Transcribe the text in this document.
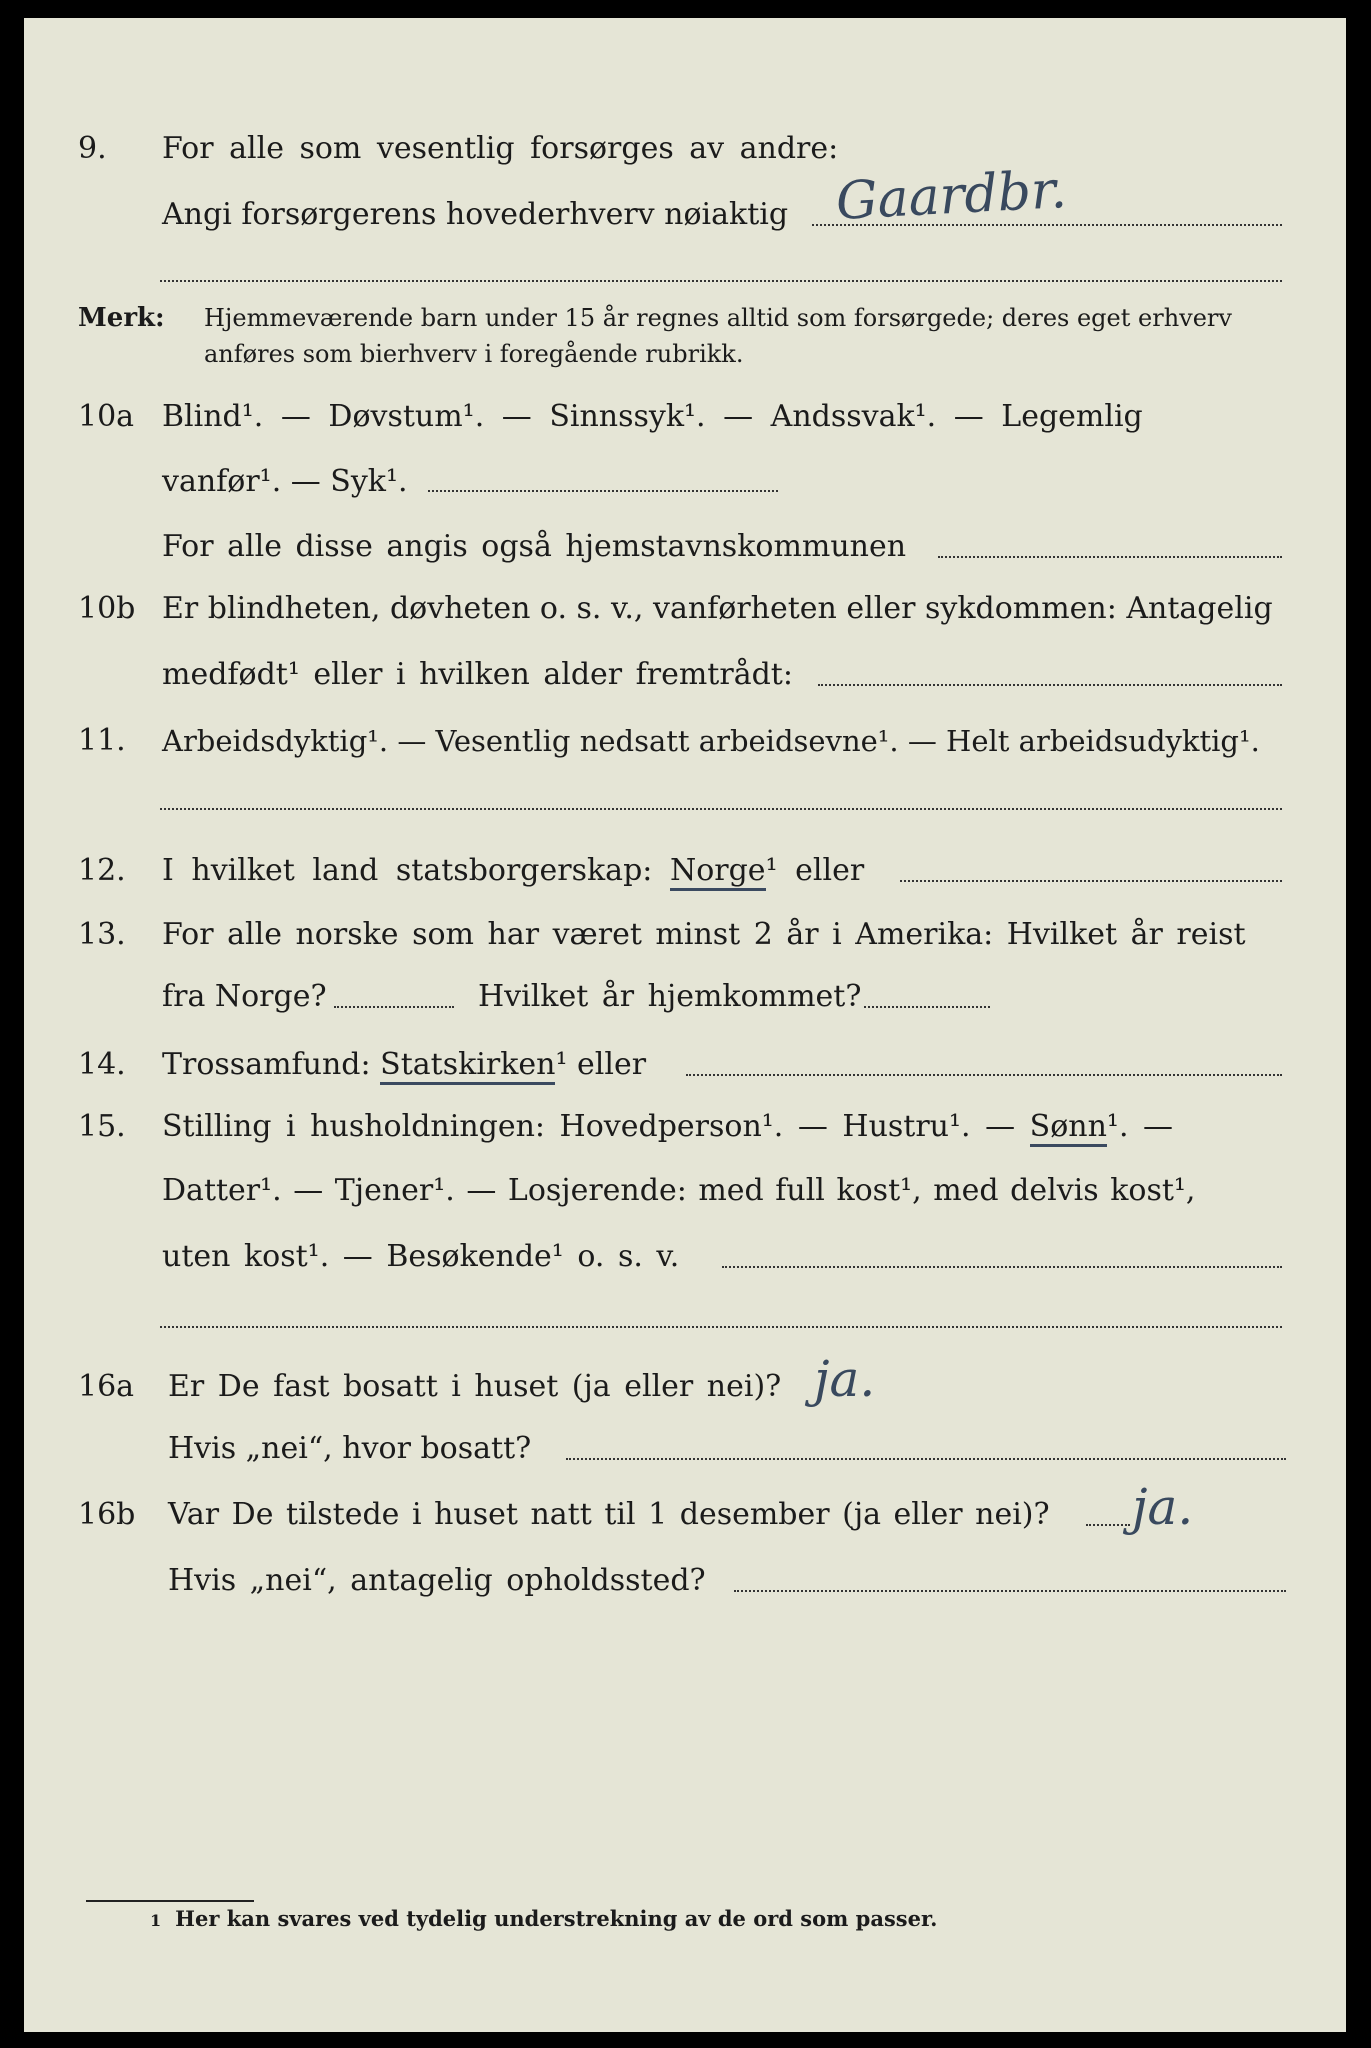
9. For alle som vesentlig forsørges av andre:
Gaardbr.
Angi forsørgerens hovederhverv nøiaktig
Merk: Hjemmeværende barn under 15 år regnes alltid som forsørgede; deres eget erhverv
anføres som bierhverv i foregående rubrikk.
10a Blind¹. — Døvstum¹. — Sinnssyk¹. — Andssvak¹. — Legemlig
vanfør¹. — Syk¹.
For alle disse angis også hjemstavnskommunen
10b Er blindheten, døvheten o. s. v., vanførheten eller sykdommen: Antagelig
medfødt¹ eller i hvilken alder fremtrådt:
11. Arbeidsdyktig¹. — Vesentlig nedsatt arbeidsevne¹. — Helt arbeidsudyktig¹.
12. I hvilket land statsborgerskap: Norge¹ eller
13. For alle norske som har været minst 2 år i Amerika: Hvilket år reist
fra Norge?	Hvilket år hjemkommet?
14. Trossamfund: Statskirken¹ eller
15. Stilling i husholdningen: Hovedperson¹. — Hustru¹. — Sønn¹. —
Datter¹. — Tjener¹. — Losjerende: med full kost¹, med delvis kost¹,
uten kost¹. — Besøkende¹ o. s. v.
16a Er De fast bosatt i huset (ja eller nei)? ja.
Hvis „nei“, hvor bosatt?
16b Var De tilstede i huset natt til 1 desember (ja eller nei)? ja.
Hvis „nei“, antagelig opholdssted?
1 Her kan svares ved tydelig understrekning av de ord som passer.
